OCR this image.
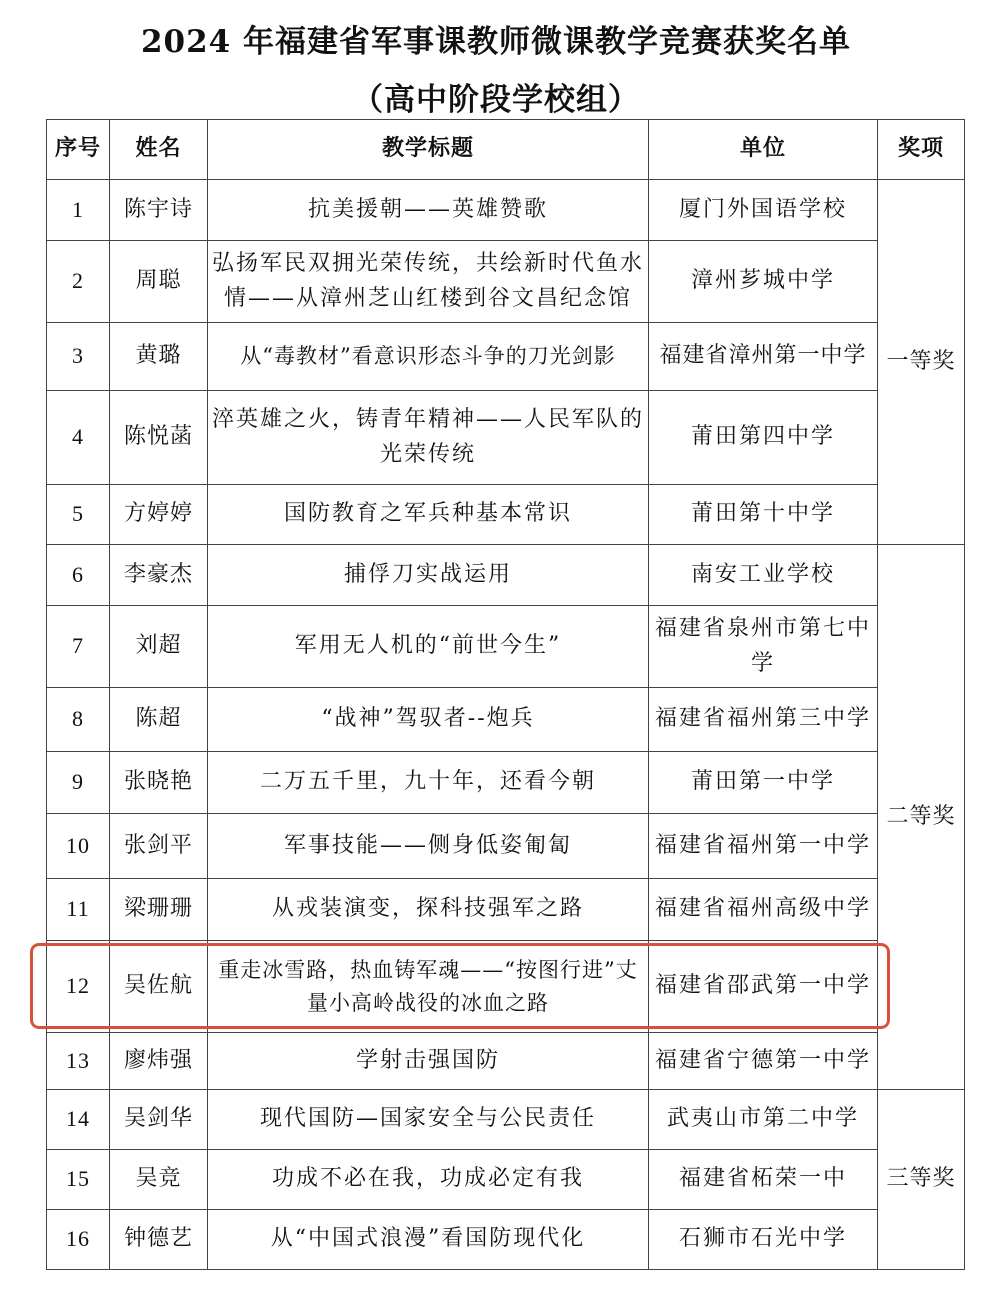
2024 年福建省军事课教师微课教学竞赛获奖名单
（高中阶段学校组）
序号	姓名	教学标题	单位	奖项
1	陈宇诗	抗美援朝——英雄赞歌	厦门外国语学校	一等奖
2	周聪	弘扬军民双拥光荣传统，共绘新时代鱼水情——从漳州芝山红楼到谷文昌纪念馆	漳州芗城中学	
3	黄璐	从“毒教材”看意识形态斗争的刀光剑影	福建省漳州第一中学	
4	陈悦菡	淬英雄之火，铸青年精神——人民军队的光荣传统	莆田第四中学	
5	方婷婷	国防教育之军兵种基本常识	莆田第十中学	
6	李豪杰	捕俘刀实战运用	南安工业学校	二等奖
7	刘超	军用无人机的“前世今生”	福建省泉州市第七中学	
8	陈超	“战神”驾驭者--炮兵	福建省福州第三中学	
9	张晓艳	二万五千里，九十年，还看今朝	莆田第一中学	
10	张剑平	军事技能——侧身低姿匍匐	福建省福州第一中学	
11	梁珊珊	从戎装演变，探科技强军之路	福建省福州高级中学	
12	吴佐航	重走冰雪路，热血铸军魂——“按图行进”丈量小高岭战役的冰血之路	福建省邵武第一中学	
13	廖炜强	学射击强国防	福建省宁德第一中学	
14	吴剑华	现代国防—国家安全与公民责任	武夷山市第二中学	三等奖
15	吴竞	功成不必在我，功成必定有我	福建省柘荣一中	
16	钟德艺	从“中国式浪漫”看国防现代化	石狮市石光中学	
